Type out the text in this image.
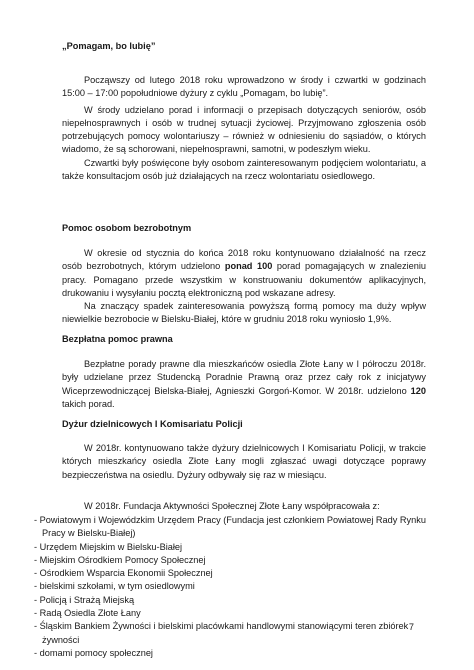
„Pomagam, bo lubię”

Począwszy od lutego 2018 roku wprowadzono w środy i czwartki w godzinach 15:00 – 17:00 popołudniowe dyżury z cyklu „Pomagam, bo lubię”.

W środy udzielano porad i informacji o przepisach dotyczących seniorów, osób niepełnosprawnych i osób w trudnej sytuacji życiowej. Przyjmowano zgłoszenia osób potrzebujących pomocy wolontariuszy – również w odniesieniu do sąsiadów, o których wiadomo, że są schorowani, niepełnosprawni, samotni, w podeszłym wieku.

Czwartki były poświęcone były osobom zainteresowanym podjęciem wolontariatu, a także konsultacjom osób już działających na rzecz wolontariatu osiedlowego.

Pomoc osobom bezrobotnym

W okresie od stycznia do końca 2018 roku kontynuowano działalność na rzecz osób bezrobotnych, którym udzielono ponad 100 porad pomagających w znalezieniu pracy. Pomagano przede wszystkim w konstruowaniu dokumentów aplikacyjnych, drukowaniu i wysyłaniu pocztą elektroniczną pod wskazane adresy.

Na znaczący spadek zainteresowania powyższą formą pomocy ma duży wpływ niewielkie bezrobocie w Bielsku-Białej, które w grudniu 2018 roku wyniosło 1,9%.

Bezpłatna pomoc prawna

Bezpłatne porady prawne dla mieszkańców osiedla Złote Łany w I półroczu 2018r. były udzielane przez Studencką Poradnie Prawną oraz przez cały rok z inicjatywy Wiceprzewodniczącej Bielska-Białej, Agnieszki Gorgoń-Komor. W 2018r. udzielono 120 takich porad.

Dyżur dzielnicowych I Komisariatu Policji

W 2018r. kontynuowano także dyżury dzielnicowych I Komisariatu Policji, w trakcie których mieszkańcy osiedla Złote Łany mogli zgłaszać uwagi dotyczące poprawy bezpieczeństwa na osiedlu. Dyżury odbywały się raz w miesiącu.

W 2018r. Fundacja Aktywności Społecznej Złote Łany współpracowała z:

- Powiatowym i Wojewódzkim Urzędem Pracy (Fundacja jest członkiem Powiatowej Rady Rynku Pracy w Bielsku-Białej)
- Urzędem Miejskim w Bielsku-Białej
- Miejskim Ośrodkiem Pomocy Społecznej
- Ośrodkiem Wsparcia Ekonomii Społecznej
- bielskimi szkołami, w tym osiedlowymi
- Policją i Strażą Miejską
- Radą Osiedla Złote Łany
- Śląskim Bankiem Żywności i bielskimi placówkami handlowymi stanowiącymi teren zbiórek żywności
- domami pomocy społecznej
7
